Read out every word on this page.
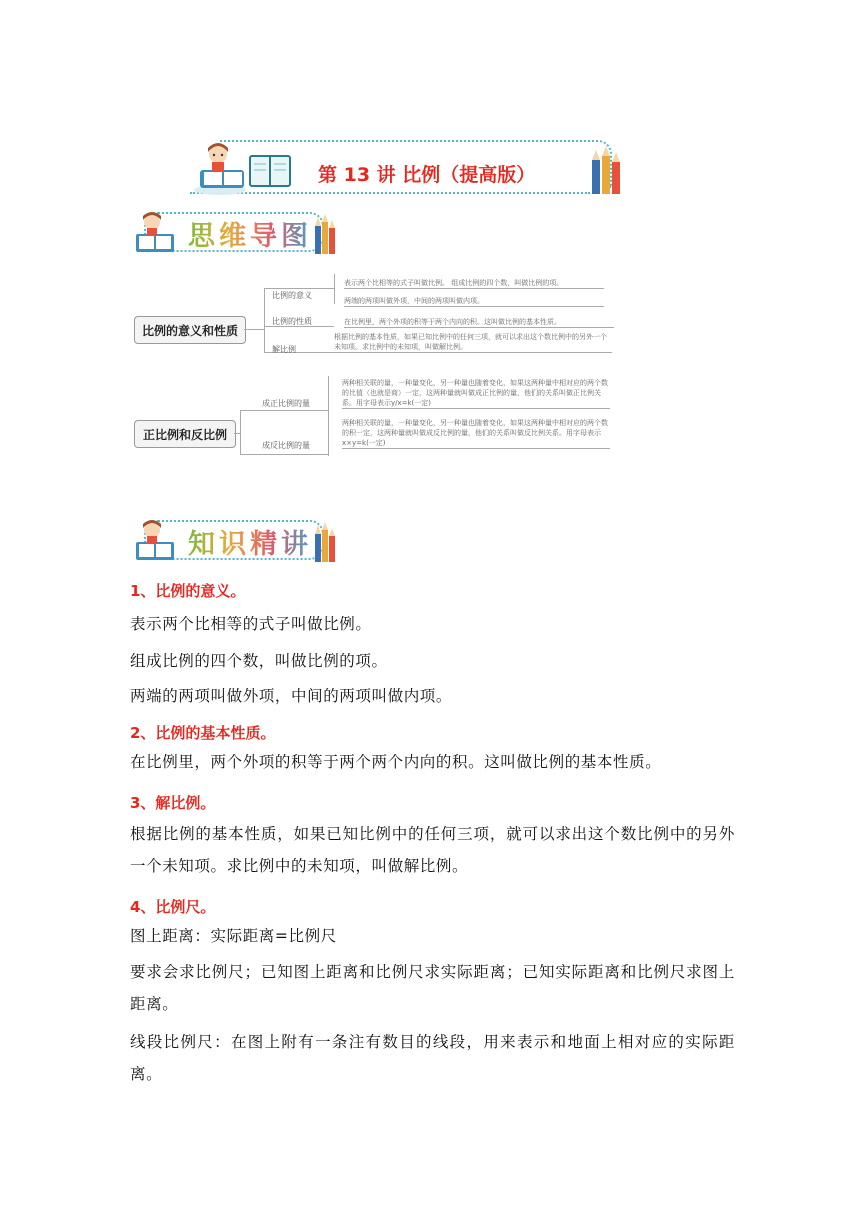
第 13 讲 比例（提高版）
思维导图
比例的意义和性质
比例的意义
比例的性质
解比例
表示两个比相等的式子叫做比例。 组成比例的四个数，叫做比例的项。
两端的两项叫做外项，中间的两项叫做内项。
在比例里，两个外项的积等于两个内向的积。这叫做比例的基本性质。
根据比例的基本性质，如果已知比例中的任何三项，就可以求出这个数比例中的另外一个未知项。求比例中的未知项，叫做解比例。
正比例和反比例
成正比例的量
成反比例的量
两种相关联的量，一种量变化，另一种量也随着变化，如果这两种量中相对应的两个数的比值（也就是商）一定，这两种量就叫做成正比例的量，他们的关系叫做正比例关系。用字母表示y/x=k(一定)
两种相关联的量，一种量变化，另一种量也随着变化，如果这两种量中相对应的两个数的积一定，这两种量就叫做成反比例的量，他们的关系叫做反比例关系。用字母表示x×y=k(一定)
知识精讲
1、比例的意义。
表示两个比相等的式子叫做比例。
组成比例的四个数，叫做比例的项。
两端的两项叫做外项，中间的两项叫做内项。
2、比例的基本性质。
在比例里，两个外项的积等于两个两个内向的积。这叫做比例的基本性质。
3、解比例。
根据比例的基本性质，如果已知比例中的任何三项，就可以求出这个数比例中的另外一个未知项。求比例中的未知项，叫做解比例。
4、比例尺。
图上距离：实际距离=比例尺
要求会求比例尺；已知图上距离和比例尺求实际距离；已知实际距离和比例尺求图上距离。
线段比例尺：在图上附有一条注有数目的线段，用来表示和地面上相对应的实际距离。
